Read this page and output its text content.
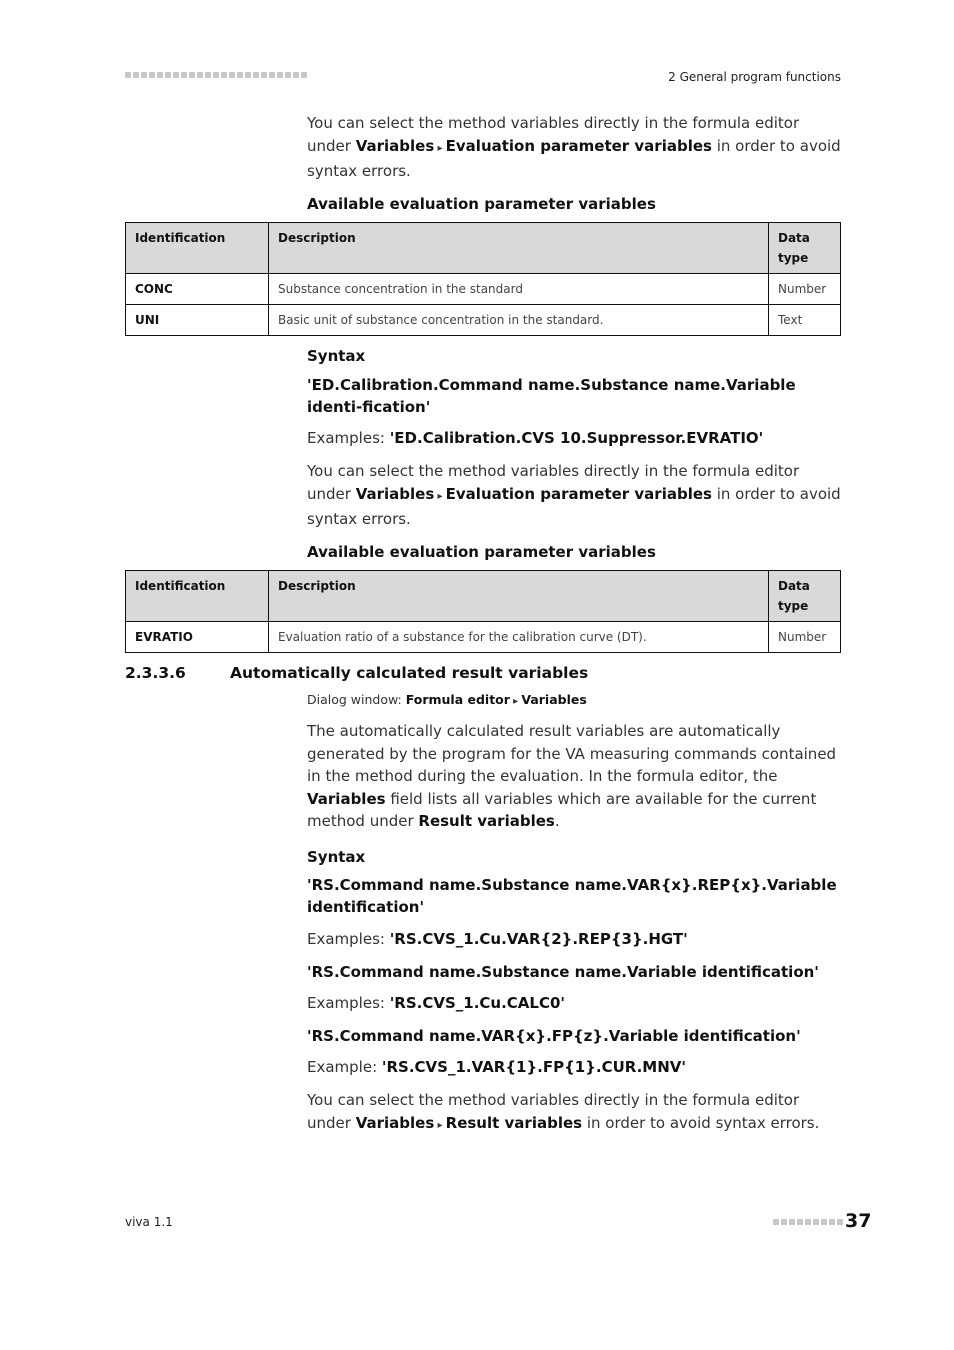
2 General program functions
You can select the method variables directly in the formula editor under Variables ▸ Evaluation parameter variables in order to avoid syntax errors.
Available evaluation parameter variables
Identification	Description	Data type
CONC	Substance concentration in the standard	Number
UNI	Basic unit of substance concentration in the standard.	Text
Syntax
'ED.Calibration.Command name.Substance name.Variable identi-fication'
Examples: 'ED.Calibration.CVS 10.Suppressor.EVRATIO'
You can select the method variables directly in the formula editor under Variables ▸ Evaluation parameter variables in order to avoid syntax errors.
Available evaluation parameter variables
Identification	Description	Data type
EVRATIO	Evaluation ratio of a substance for the calibration curve (DT).	Number
2.3.3.6	Automatically calculated result variables
Dialog window: Formula editor ▸ Variables
The automatically calculated result variables are automatically generated by the program for the VA measuring commands contained in the method during the evaluation. In the formula editor, the Variables field lists all variables which are available for the current method under Result variables.
Syntax
'RS.Command name.Substance name.VAR{x}.REP{x}.Variable identification'
Examples: 'RS.CVS_1.Cu.VAR{2}.REP{3}.HGT'
'RS.Command name.Substance name.Variable identification'
Examples: 'RS.CVS_1.Cu.CALC0'
'RS.Command name.VAR{x}.FP{z}.Variable identification'
Example: 'RS.CVS_1.VAR{1}.FP{1}.CUR.MNV'
You can select the method variables directly in the formula editor under Variables ▸ Result variables in order to avoid syntax errors.
viva 1.1	37
